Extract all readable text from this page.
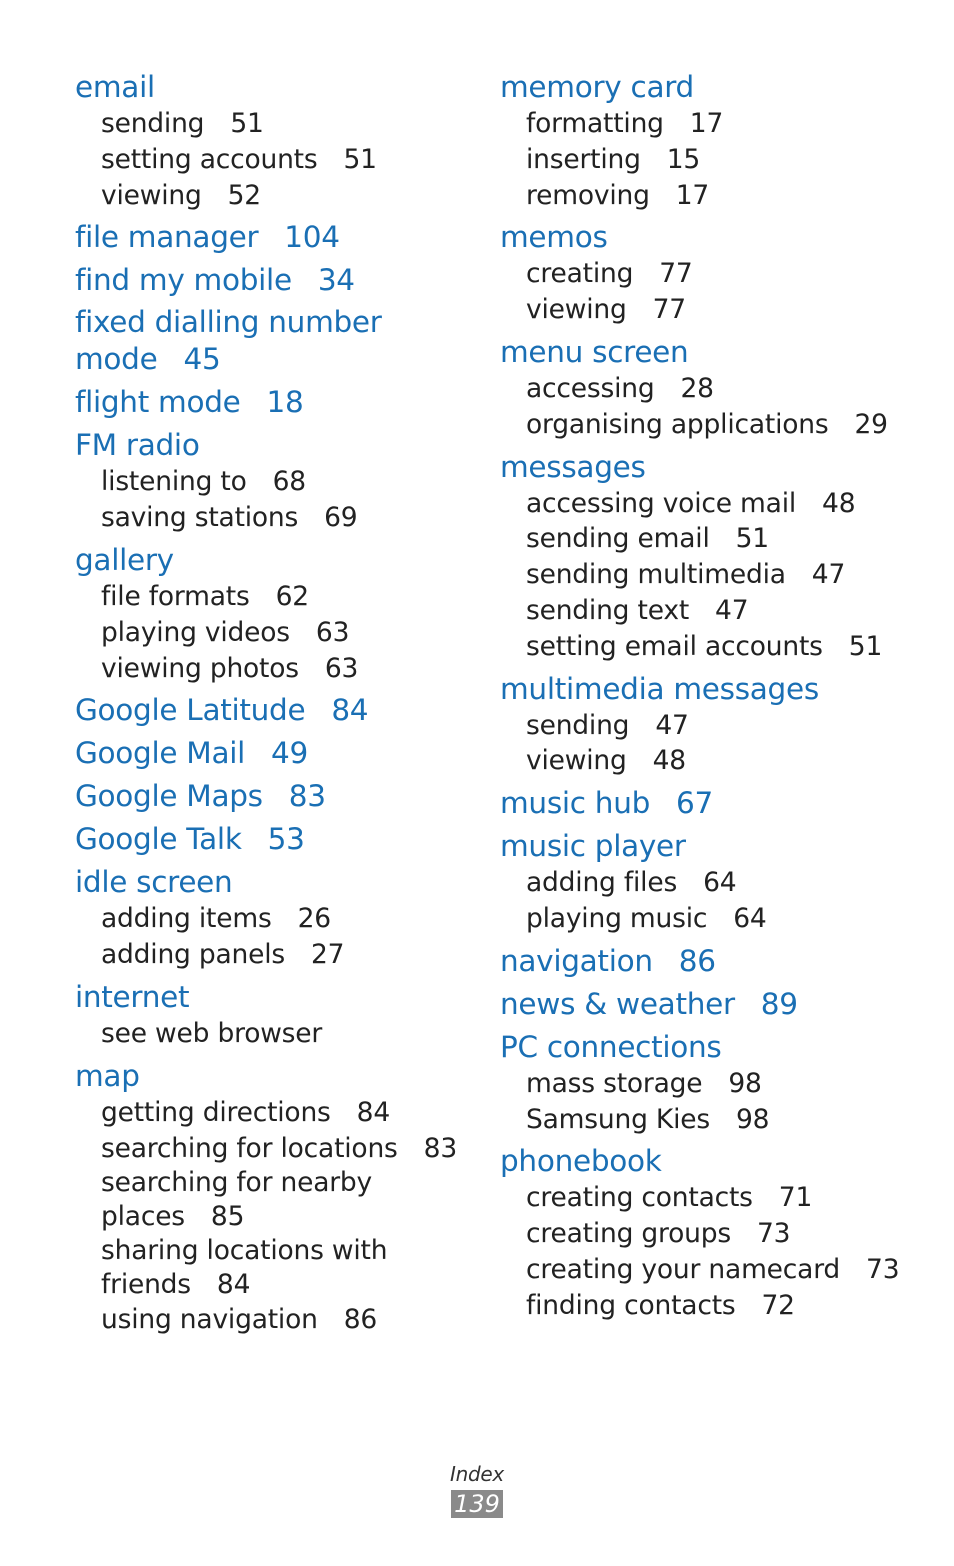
email
sending 51
setting accounts 51
viewing 52
file manager 104
find my mobile 34
fixed dialling number mode 45
flight mode 18
FM radio
listening to 68
saving stations 69
gallery
file formats 62
playing videos 63
viewing photos 63
Google Latitude 84
Google Mail 49
Google Maps 83
Google Talk 53
idle screen
adding items 26
adding panels 27
internet
see web browser
map
getting directions 84
searching for locations 83
searching for nearby places 85
sharing locations with friends 84
using navigation 86
memory card
formatting 17
inserting 15
removing 17
memos
creating 77
viewing 77
menu screen
accessing 28
organising applications 29
messages
accessing voice mail 48
sending email 51
sending multimedia 47
sending text 47
setting email accounts 51
multimedia messages
sending 47
viewing 48
music hub 67
music player
adding files 64
playing music 64
navigation 86
news & weather 89
PC connections
mass storage 98
Samsung Kies 98
phonebook
creating contacts 71
creating groups 73
creating your namecard 73
finding contacts 72
Index
139
